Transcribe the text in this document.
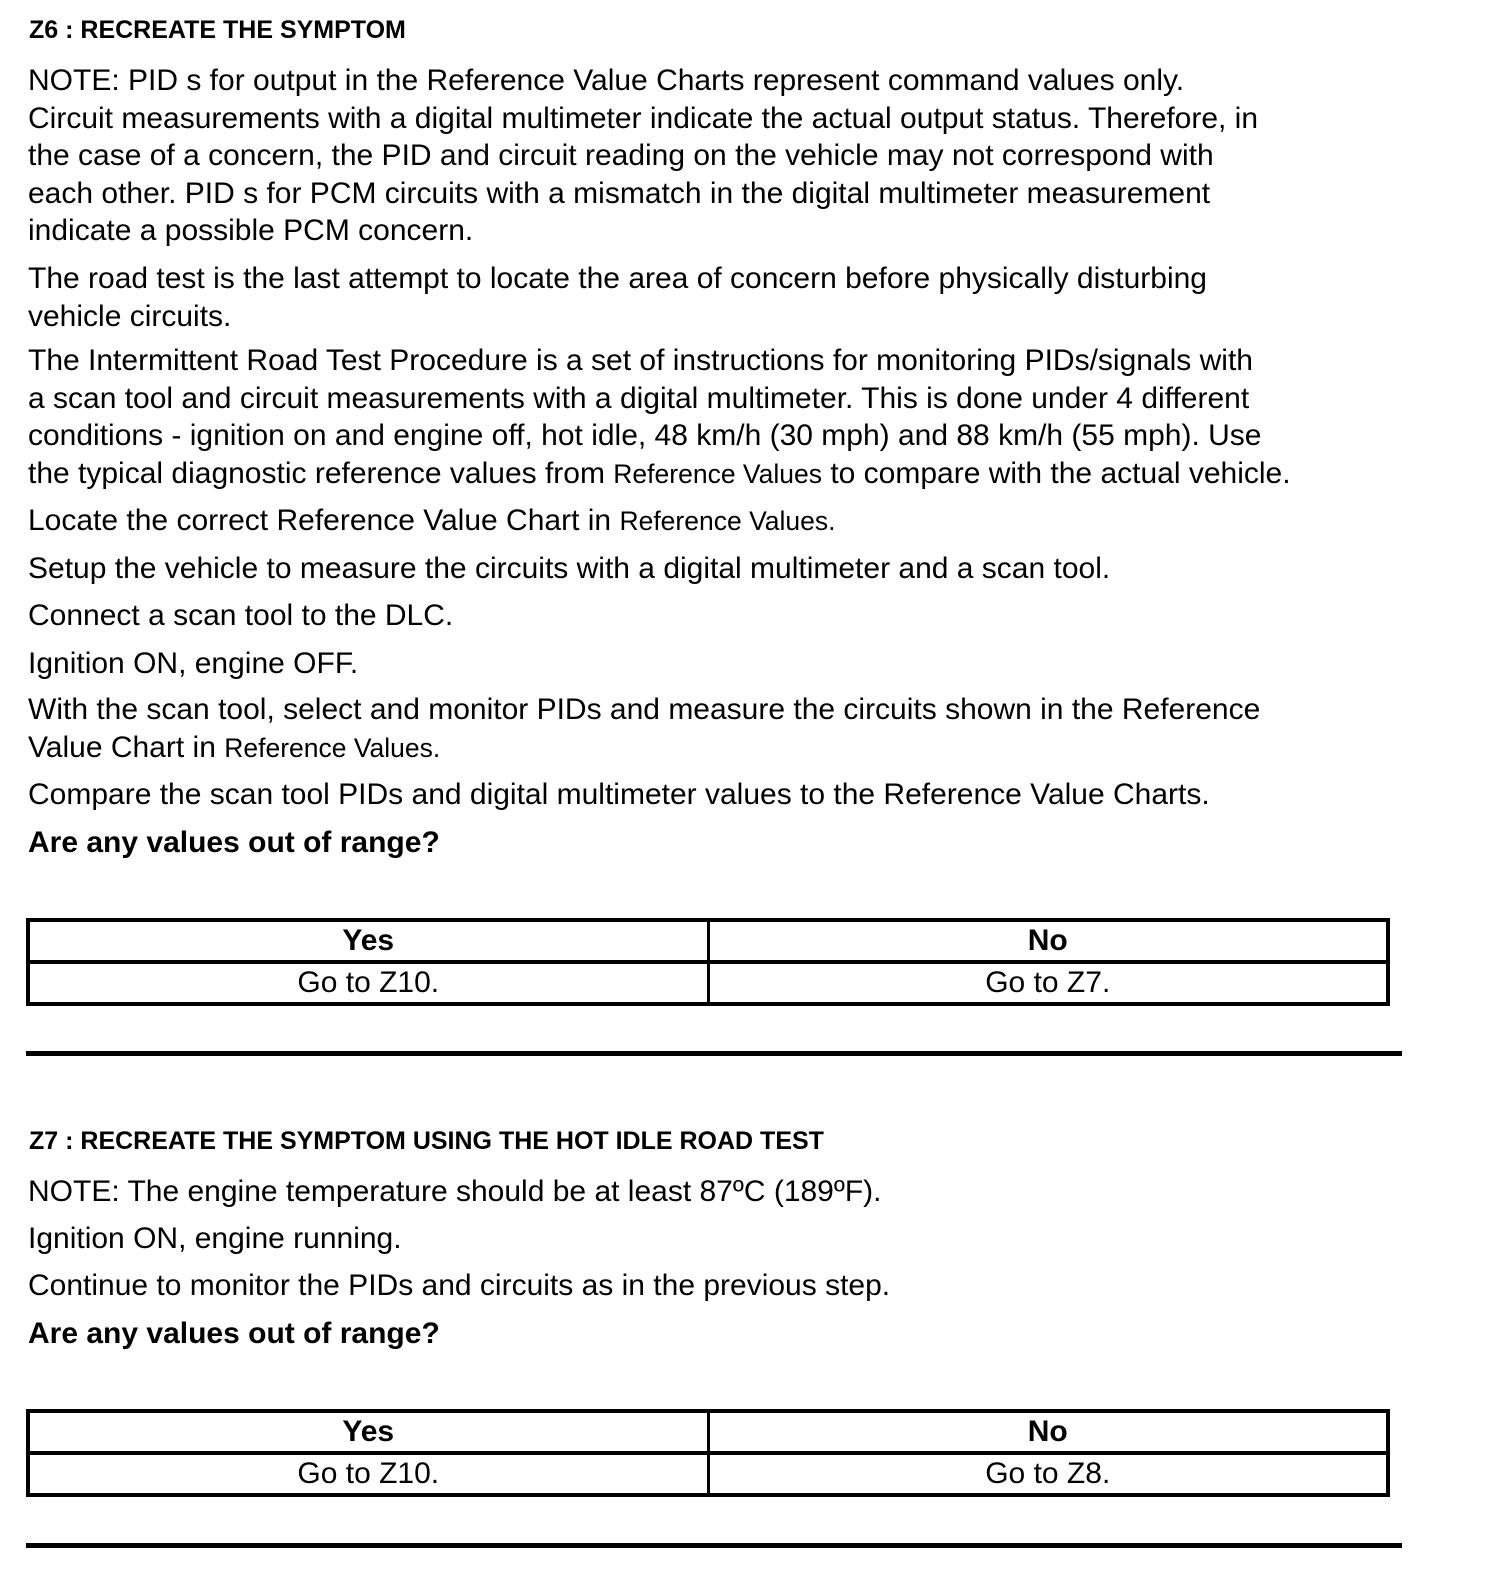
Z6 : RECREATE THE SYMPTOM
NOTE: PID s for output in the Reference Value Charts represent command values only.
Circuit measurements with a digital multimeter indicate the actual output status. Therefore, in
the case of a concern, the PID and circuit reading on the vehicle may not correspond with
each other. PID s for PCM circuits with a mismatch in the digital multimeter measurement
indicate a possible PCM concern.
The road test is the last attempt to locate the area of concern before physically disturbing
vehicle circuits.
The Intermittent Road Test Procedure is a set of instructions for monitoring PIDs/signals with
a scan tool and circuit measurements with a digital multimeter. This is done under 4 different
conditions - ignition on and engine off, hot idle, 48 km/h (30 mph) and 88 km/h (55 mph). Use
the typical diagnostic reference values from Reference Values to compare with the actual vehicle.
Locate the correct Reference Value Chart in Reference Values.
Setup the vehicle to measure the circuits with a digital multimeter and a scan tool.
Connect a scan tool to the DLC.
Ignition ON, engine OFF.
With the scan tool, select and monitor PIDs and measure the circuits shown in the Reference
Value Chart in Reference Values.
Compare the scan tool PIDs and digital multimeter values to the Reference Value Charts.
Are any values out of range?
Yes	No
Go to Z10.	Go to Z7.
Z7 : RECREATE THE SYMPTOM USING THE HOT IDLE ROAD TEST
NOTE: The engine temperature should be at least 87ºC (189ºF).
Ignition ON, engine running.
Continue to monitor the PIDs and circuits as in the previous step.
Are any values out of range?
Yes	No
Go to Z10.	Go to Z8.
